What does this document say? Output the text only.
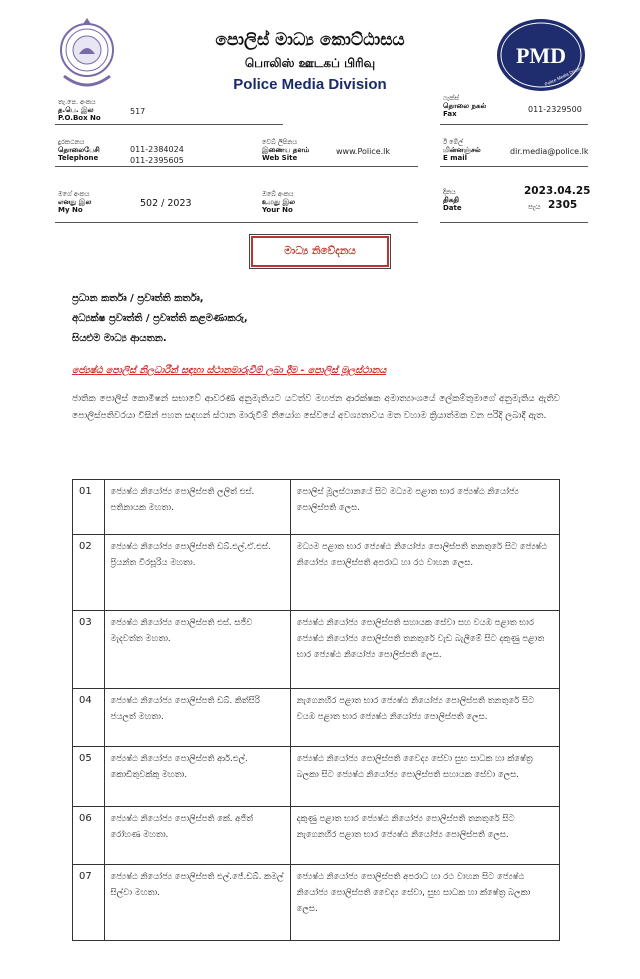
පොලිස් මාධ්‍ය කොට්ඨාසය
பொலிஸ் ஊடகப் பிரிவு
Police Media Division
PMD
Police Media Division
තැ.පෙ. අංකය
த.பெ. இல
P.O.Box No
517
දුරකථනය
தொலைபேசி
Telephone
011-2384024
011-2395605
වෙබ් ලිපිනය
இணைய தளம்
Web Site
www.Police.lk
ෆැක්ස්
தொலை நகல்
Fax	011-2329500
ඊ මේල්
மின்னஞ்சல்
E mail
dir.media@police.lk
මගේ අංකය
எனது இல
My No
502 / 2023
ඔබේ අංකය
உமது இல
Your No
දිනය
திகதி
Date
2023.04.25
පැය 2305
මාධ්‍ය නිවේදනය
ප්‍රධාන කර්තෘ / ප්‍රවෘත්ති කර්තෘ,
අධ්‍යක්ෂ ප්‍රවෘත්ති / ප්‍රවෘත්ති කළමණාකරු,
සියළුම මාධ්‍ය ආයතන.
ජ්‍යෙෂ්ඨ පොලිස් නිලධාරීන් සඳහා ස්ථානමාරුවීම් ලබා දීම - පොලිස් මූලස්ථානය
ජාතික පොලිස් කොමිෂන් සභාවේ ආවරණ අනුමැතියට යටත්ව මහජන ආරක්ෂක අමාත්‍යාංශයේ ලේකම්තුමාගේ අනුමැතිය ඇතිව පොලිස්පතිවරයා විසින් පහත සඳහන් ස්ථාන මාරුවීම් නියෝග සේවයේ අවශ්‍යතාවය මත වහාම ක්‍රියාත්මක වන පරිදි ලබාදී ඇත.
01	ජ්‍යෙෂ්ඨ නියෝජ්‍ය පොලිස්පති ලලිත් එස්. පතිනායක මහතා.	පොලිස් මූලස්ථානයේ සිට මධ්‍යම පළාත භාර ජ්‍යෙෂ්ඨ නියෝජ්‍ය පොලිස්පති ලෙස.
02	ජ්‍යෙෂ්ඨ නියෝජ්‍ය පොලිස්පති ඩබ්.එල්.ඒ.එස්. ප්‍රියන්ත වීරසූරිය මහතා.	මධ්‍යම පළාත භාර ජ්‍යෙෂ්ඨ නියෝජ්‍ය පොලිස්පති තනතුරේ සිට ජ්‍යෙෂ්ඨ නියෝජ්‍ය පොලිස්පති අපරාධ හා රථ වාහන ලෙස.
03	ජ්‍යෙෂ්ඨ නියෝජ්‍ය පොලිස්පති එස්. සජීව මැදවත්ත මහතා.	ජ්‍යෙෂ්ඨ නියෝජ්‍ය පොලිස්පති සහායක සේවා සහ වයඹ පළාත භාර ජ්‍යෙෂ්ඨ නියෝජ්‍ය පොලිස්පති තනතුරේ වැඩ බැලීමේ සිට දකුණු පළාත භාර ජ්‍යෙෂ්ඨ නියෝජ්‍ය පොලිස්පති ලෙස.
04	ජ්‍යෙෂ්ඨ නියෝජ්‍ය පොලිස්පති ඩබ්. කිත්සිරි ජයලත් මහතා.	නැගෙනහිර පළාත භාර ජ්‍යෙෂ්ඨ නියෝජ්‍ය පොලිස්පති තනතුරේ සිට වයඹ පළාත භාර ජ්‍යෙෂ්ඨ නියෝජ්‍ය පොලිස්පති ලෙස.
05	ජ්‍යෙෂ්ඨ නියෝජ්‍ය පොලිස්පති ආර්.එල්. කොඩිතුවක්කු මහතා.	ජ්‍යෙෂ්ඨ නියෝජ්‍ය පොලිස්පති වෛද්‍ය සේවා සුභ සාධක හා ක්ෂේත්‍ර බලකා සිට ජ්‍යෙෂ්ඨ නියෝජ්‍ය පොලිස්පති සහායක සේවා ලෙස.
06	ජ්‍යෙෂ්ඨ නියෝජ්‍ය පොලිස්පති කේ. අජිත් රෝහණ මහතා.	දකුණු පළාත භාර ජ්‍යෙෂ්ඨ නියෝජ්‍ය පොලිස්පති තනතුරේ සිට නැගෙනහිර පළාත භාර ජ්‍යෙෂ්ඨ නියෝජ්‍ය පොලිස්පති ලෙස.
07	ජ්‍යෙෂ්ඨ නියෝජ්‍ය පොලිස්පති එල්.ජේ.ඩබ්. කමල් සිල්වා මහතා.	ජ්‍යෙෂ්ඨ නියෝජ්‍ය පොලිස්පති අපරාධ හා රථ වාහන සිට ජ්‍යෙෂ්ඨ නියෝජ්‍ය පොලිස්පති වෛද්‍ය සේවා, සුභ සාධක හා ක්ෂේත්‍ර බලකා ලෙස.
